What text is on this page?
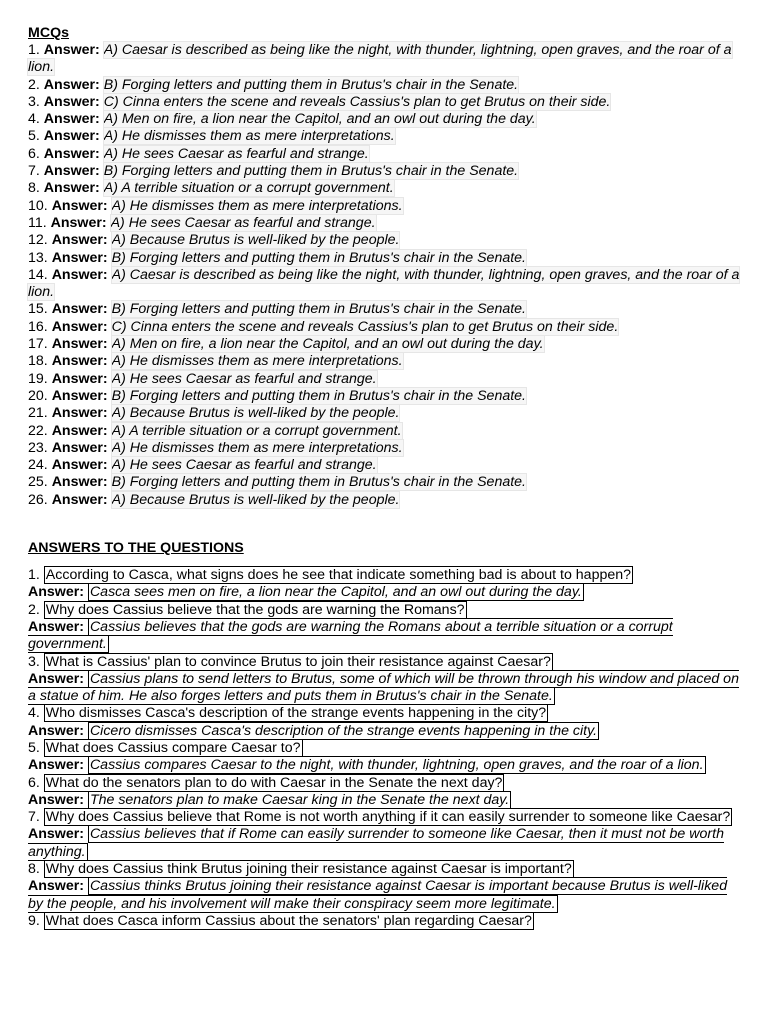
MCQs
1. Answer: A) Caesar is described as being like the night, with thunder, lightning, open graves, and the roar of a lion.
2. Answer: B) Forging letters and putting them in Brutus's chair in the Senate.
3. Answer: C) Cinna enters the scene and reveals Cassius's plan to get Brutus on their side.
4. Answer: A) Men on fire, a lion near the Capitol, and an owl out during the day.
5. Answer: A) He dismisses them as mere interpretations.
6. Answer: A) He sees Caesar as fearful and strange.
7. Answer: B) Forging letters and putting them in Brutus's chair in the Senate.
8. Answer: A) A terrible situation or a corrupt government.
10. Answer: A) He dismisses them as mere interpretations.
11. Answer: A) He sees Caesar as fearful and strange.
12. Answer: A) Because Brutus is well-liked by the people.
13. Answer: B) Forging letters and putting them in Brutus's chair in the Senate.
14. Answer: A) Caesar is described as being like the night, with thunder, lightning, open graves, and the roar of a lion.
15. Answer: B) Forging letters and putting them in Brutus's chair in the Senate.
16. Answer: C) Cinna enters the scene and reveals Cassius's plan to get Brutus on their side.
17. Answer: A) Men on fire, a lion near the Capitol, and an owl out during the day.
18. Answer: A) He dismisses them as mere interpretations.
19. Answer: A) He sees Caesar as fearful and strange.
20. Answer: B) Forging letters and putting them in Brutus's chair in the Senate.
21. Answer: A) Because Brutus is well-liked by the people.
22. Answer: A) A terrible situation or a corrupt government.
23. Answer: A) He dismisses them as mere interpretations.
24. Answer: A) He sees Caesar as fearful and strange.
25. Answer: B) Forging letters and putting them in Brutus's chair in the Senate.
26. Answer: A) Because Brutus is well-liked by the people.
ANSWERS TO THE QUESTIONS
1. According to Casca, what signs does he see that indicate something bad is about to happen?
Answer: Casca sees men on fire, a lion near the Capitol, and an owl out during the day.
2. Why does Cassius believe that the gods are warning the Romans?
Answer: Cassius believes that the gods are warning the Romans about a terrible situation or a corrupt government.
3. What is Cassius' plan to convince Brutus to join their resistance against Caesar?
Answer: Cassius plans to send letters to Brutus, some of which will be thrown through his window and placed on a statue of him. He also forges letters and puts them in Brutus's chair in the Senate.
4. Who dismisses Casca's description of the strange events happening in the city?
Answer: Cicero dismisses Casca's description of the strange events happening in the city.
5. What does Cassius compare Caesar to?
Answer: Cassius compares Caesar to the night, with thunder, lightning, open graves, and the roar of a lion.
6. What do the senators plan to do with Caesar in the Senate the next day?
Answer: The senators plan to make Caesar king in the Senate the next day.
7. Why does Cassius believe that Rome is not worth anything if it can easily surrender to someone like Caesar?
Answer: Cassius believes that if Rome can easily surrender to someone like Caesar, then it must not be worth anything.
8. Why does Cassius think Brutus joining their resistance against Caesar is important?
Answer: Cassius thinks Brutus joining their resistance against Caesar is important because Brutus is well-liked by the people, and his involvement will make their conspiracy seem more legitimate.
9. What does Casca inform Cassius about the senators' plan regarding Caesar?
